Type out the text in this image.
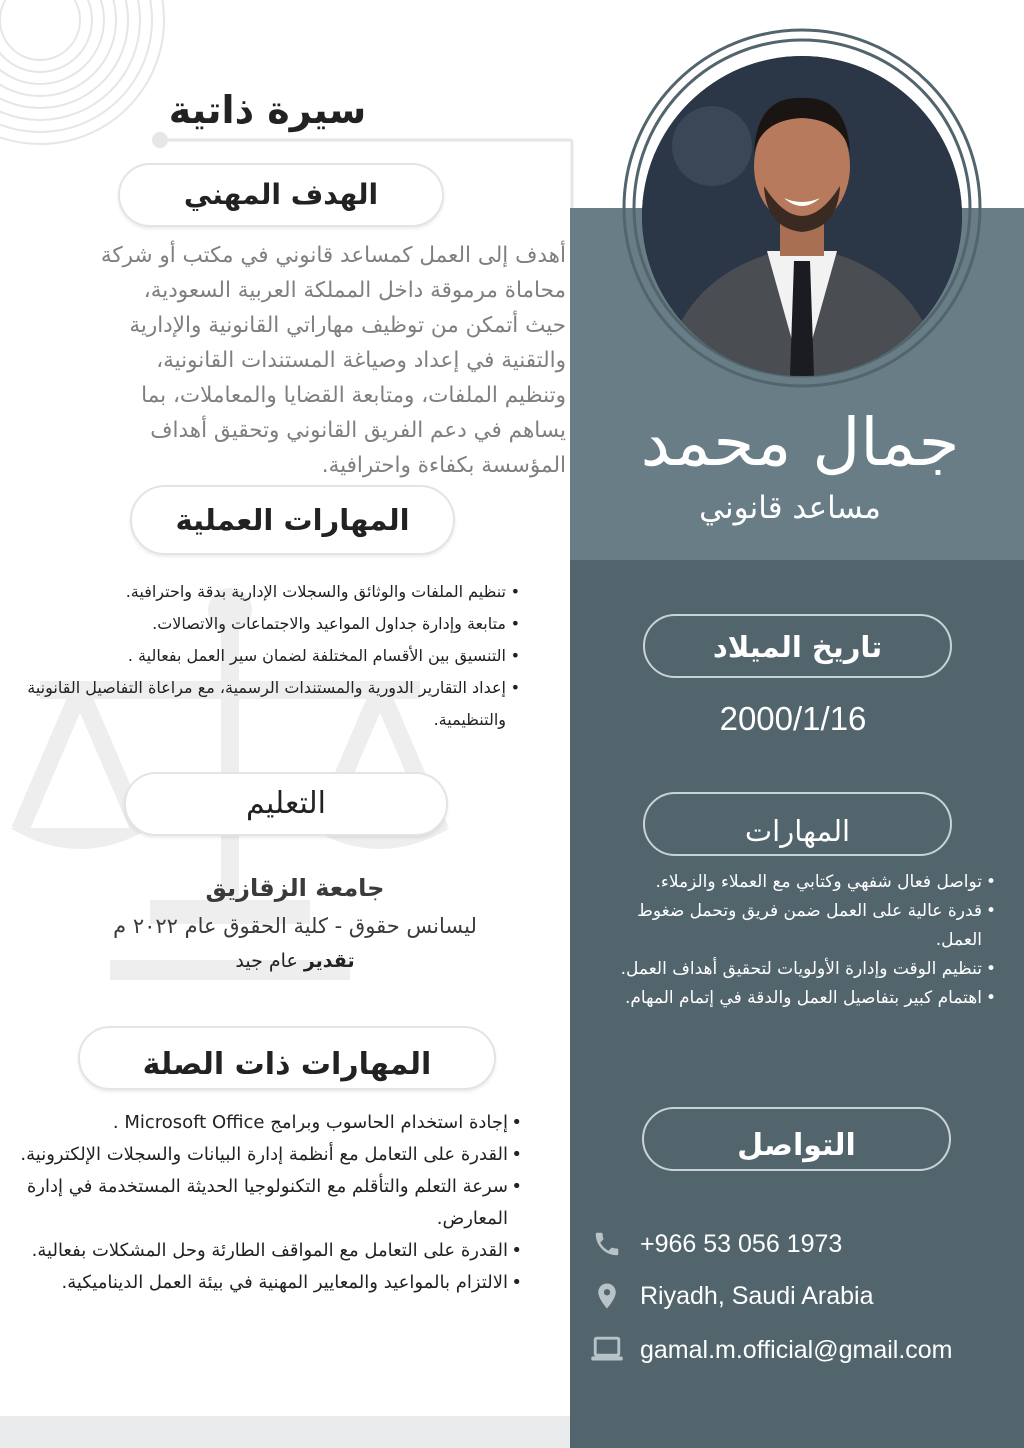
سيرة ذاتية
الهدف المهني
أهدف إلى العمل كمساعد قانوني في مكتب أو شركة
محاماة مرموقة داخل المملكة العربية السعودية،
حيث أتمكن من توظيف مهاراتي القانونية والإدارية
والتقنية في إعداد وصياغة المستندات القانونية،
وتنظيم الملفات، ومتابعة القضايا والمعاملات، بما
يساهم في دعم الفريق القانوني وتحقيق أهداف
المؤسسة بكفاءة واحترافية.
المهارات العملية
• تنظيم الملفات والوثائق والسجلات الإدارية بدقة واحترافية.
• متابعة وإدارة جداول المواعيد والاجتماعات والاتصالات.
• التنسيق بين الأقسام المختلفة لضمان سير العمل بفعالية .
• إعداد التقارير الدورية والمستندات الرسمية، مع مراعاة التفاصيل القانونية والتنظيمية.
التعليم
جامعة الزقازيق
ليسانس حقوق - كلية الحقوق عام ٢٠٢٢ م
تقدير عام جيد
المهارات ذات الصلة
• إجادة استخدام الحاسوب وبرامج Microsoft Office .
• القدرة على التعامل مع أنظمة إدارة البيانات والسجلات الإلكترونية.
• سرعة التعلم والتأقلم مع التكنولوجيا الحديثة المستخدمة في إدارة المعارض.
• القدرة على التعامل مع المواقف الطارئة وحل المشكلات بفعالية.
• الالتزام بالمواعيد والمعايير المهنية في بيئة العمل الديناميكية.
جمال محمد
مساعد قانوني
تاريخ الميلاد
2000/1/16
المهارات
• تواصل فعال شفهي وكتابي مع العملاء والزملاء.
• قدرة عالية على العمل ضمن فريق وتحمل ضغوط العمل.
• تنظيم الوقت وإدارة الأولويات لتحقيق أهداف العمل.
• اهتمام كبير بتفاصيل العمل والدقة في إتمام المهام.
التواصل
+966 53 056 1973
Riyadh, Saudi Arabia
gamal.m.official@gmail.com
